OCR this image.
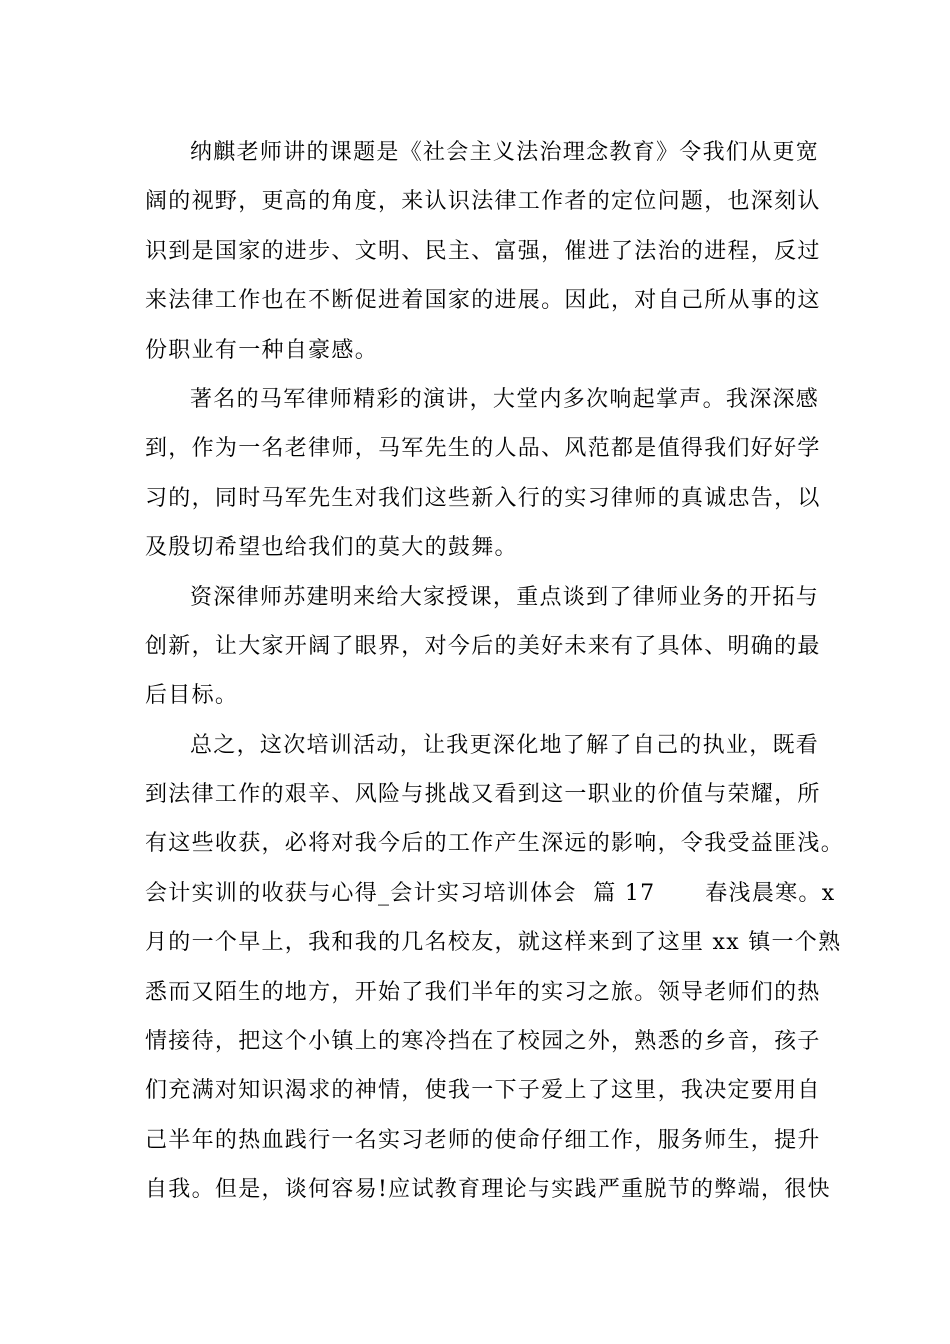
纳麒老师讲的课题是《社会主义法治理念教育》令我们从更宽
阔的视野，更高的角度，来认识法律工作者的定位问题，也深刻认
识到是国家的进步、文明、民主、富强，催进了法治的进程，反过
来法律工作也在不断促进着国家的进展。因此，对自己所从事的这
份职业有一种自豪感。
著名的马军律师精彩的演讲，大堂内多次响起掌声。我深深感
到，作为一名老律师，马军先生的人品、风范都是值得我们好好学
习的，同时马军先生对我们这些新入行的实习律师的真诚忠告，以
及殷切希望也给我们的莫大的鼓舞。
资深律师苏建明来给大家授课，重点谈到了律师业务的开拓与
创新，让大家开阔了眼界，对今后的美好未来有了具体、明确的最
后目标。
总之，这次培训活动，让我更深化地了解了自己的执业，既看
到法律工作的艰辛、风险与挑战又看到这一职业的价值与荣耀，所
有这些收获，必将对我今后的工作产生深远的影响，令我受益匪浅。
会计实训的收获与心得_会计实习培训体会  篇 17      春浅晨寒。x
月的一个早上，我和我的几名校友，就这样来到了这里 xx 镇一个熟
悉而又陌生的地方，开始了我们半年的实习之旅。领导老师们的热
情接待，把这个小镇上的寒冷挡在了校园之外，熟悉的乡音，孩子
们充满对知识渴求的神情，使我一下子爱上了这里，我决定要用自
己半年的热血践行一名实习老师的使命仔细工作，服务师生，提升
自我。但是，谈何容易!应试教育理论与实践严重脱节的弊端，很快
